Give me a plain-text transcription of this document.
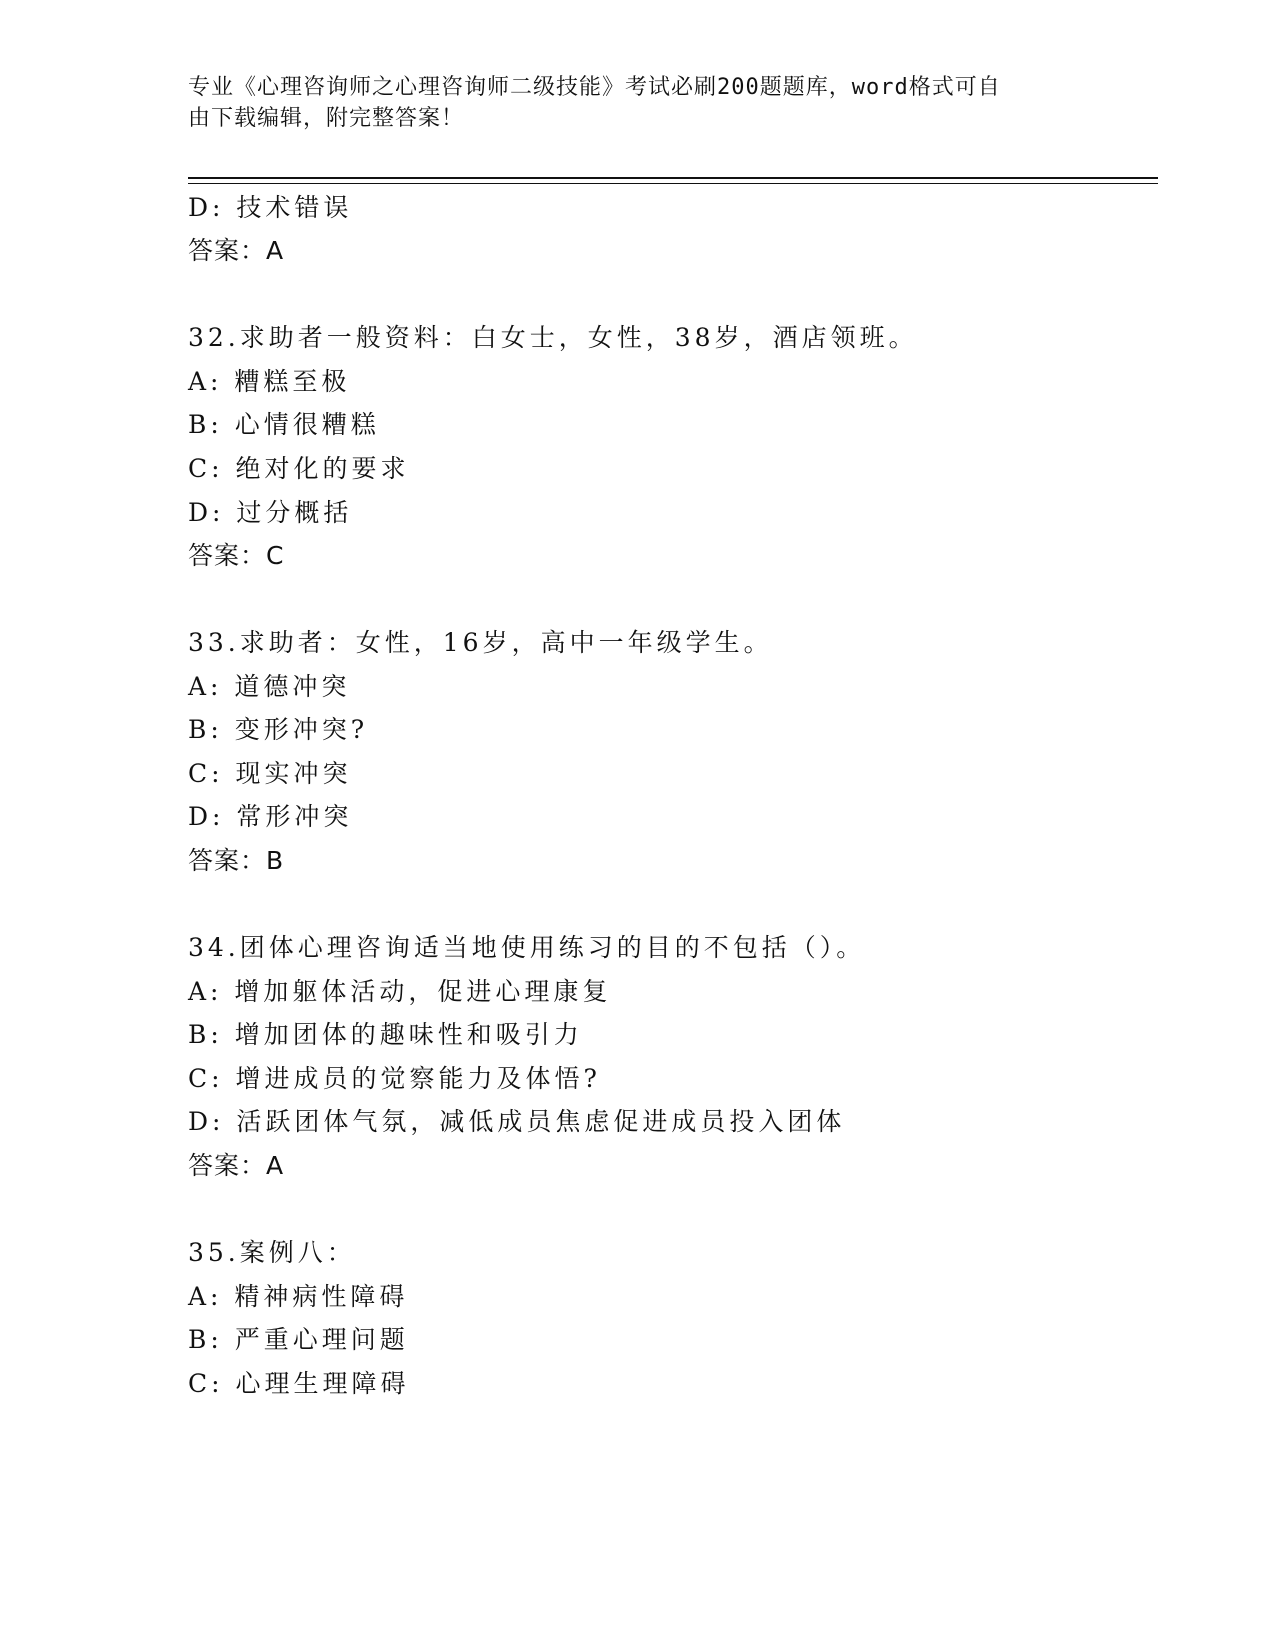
专业《心理咨询师之心理咨询师二级技能》考试必刷200题题库，word格式可自
由下载编辑，附完整答案！
D: 技术错误
答案：A
32.求助者一般资料：白女士，女性，38岁，酒店领班。
A: 糟糕至极
B: 心情很糟糕
C: 绝对化的要求
D: 过分概括
答案：C
33.求助者：女性，16岁，高中一年级学生。
A: 道德冲突
B: 变形冲突?
C: 现实冲突
D: 常形冲突
答案：B
34.团体心理咨询适当地使用练习的目的不包括（）。
A: 增加躯体活动，促进心理康复
B: 增加团体的趣味性和吸引力
C: 增进成员的觉察能力及体悟?
D: 活跃团体气氛，减低成员焦虑促进成员投入团体
答案：A
35.案例八：
A: 精神病性障碍
B: 严重心理问题
C: 心理生理障碍
